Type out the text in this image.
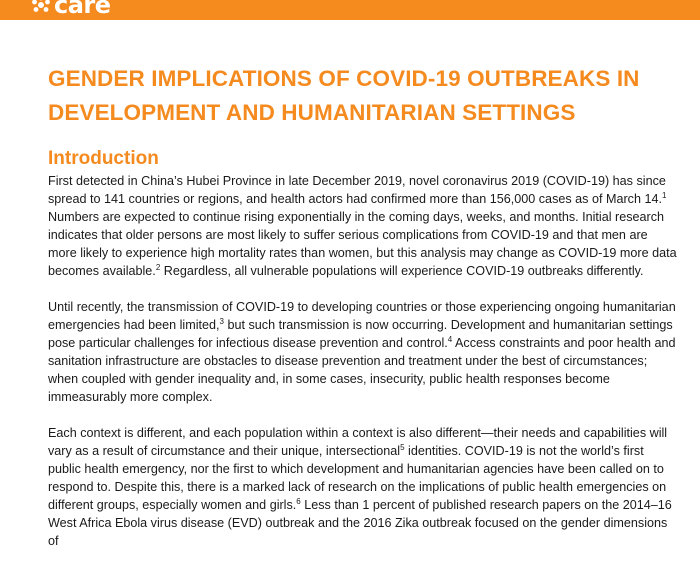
care
GENDER IMPLICATIONS OF COVID-19 OUTBREAKS IN DEVELOPMENT AND HUMANITARIAN SETTINGS
Introduction

First detected in China’s Hubei Province in late December 2019, novel coronavirus 2019 (COVID-19) has since spread to 141 countries or regions, and health actors had confirmed more than 156,000 cases as of March 14.$^1$ Numbers are expected to continue rising exponentially in the coming days, weeks, and months. Initial research indicates that older persons are most likely to suffer serious complications from COVID-19 and that men are more likely to experience high mortality rates than women, but this analysis may change as COVID-19 more data becomes available.$^2$ Regardless, all vulnerable populations will experience COVID-19 outbreaks differently.

Until recently, the transmission of COVID-19 to developing countries or those experiencing ongoing humanitarian emergencies had been limited,$^3$ but such transmission is now occurring. Development and humanitarian settings pose particular challenges for infectious disease prevention and control.$^4$ Access constraints and poor health and sanitation infrastructure are obstacles to disease prevention and treatment under the best of circumstances; when coupled with gender inequality and, in some cases, insecurity, public health responses become immeasurably more complex.

Each context is different, and each population within a context is also different—their needs and capabilities will vary as a result of circumstance and their unique, intersectional$^5$ identities. COVID-19 is not the world’s first public health emergency, nor the first to which development and humanitarian agencies have been called on to respond to. Despite this, there is a marked lack of research on the implications of public health emergencies on different groups, especially women and girls.$^6$ Less than 1 percent of published research papers on the 2014–16 West Africa Ebola virus disease (EVD) outbreak and the 2016 Zika outbreak focused on the gender dimensions of
